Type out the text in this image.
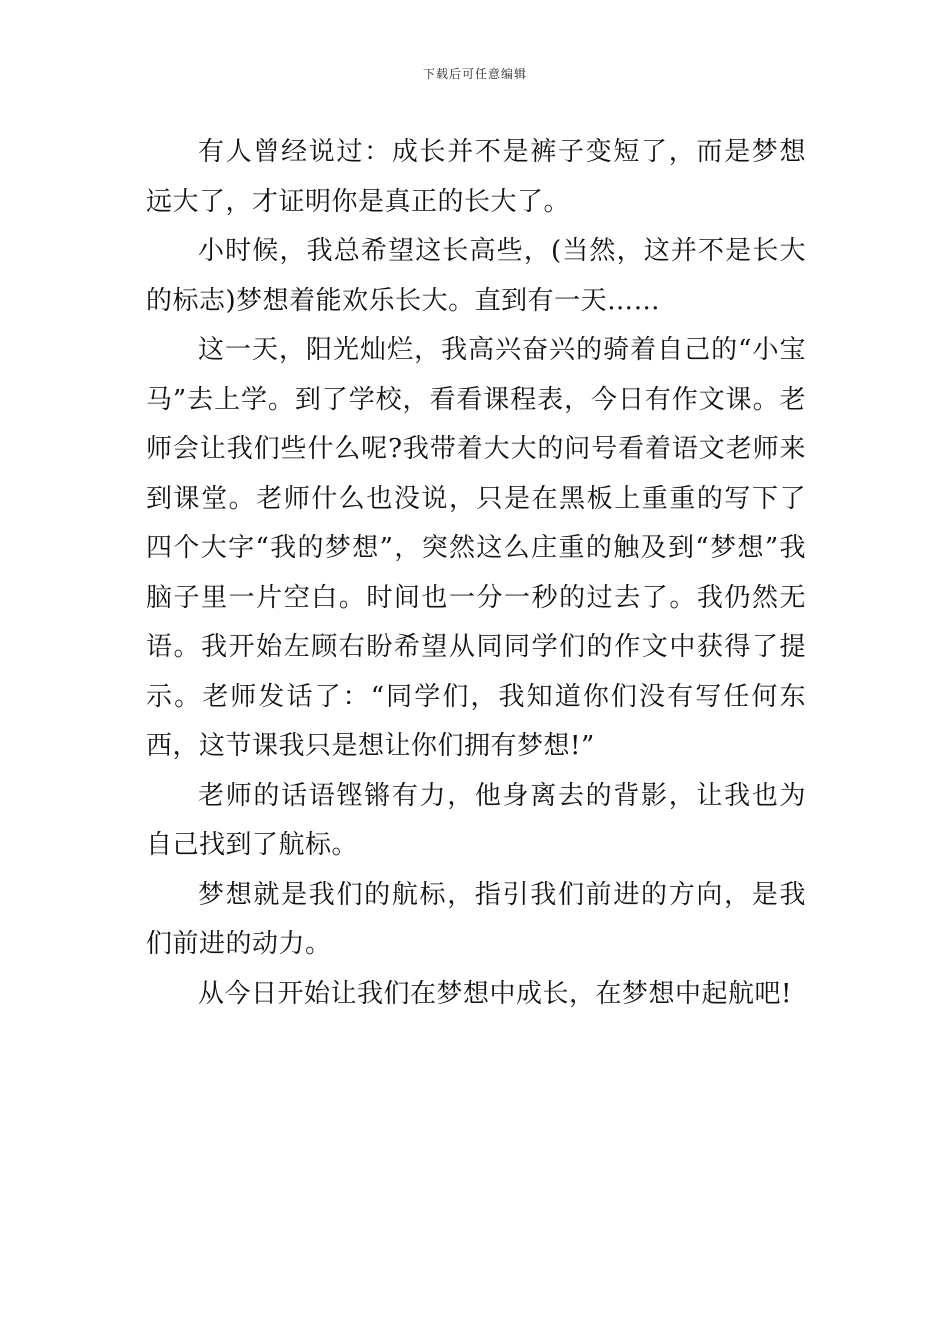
下载后可任意编辑

有人曾经说过：成长并不是裤子变短了，而是梦想远大了，才证明你是真正的长大了。

小时候，我总希望这长高些，(当然，这并不是长大的标志)梦想着能欢乐长大。直到有一天……

这一天，阳光灿烂，我高兴奋兴的骑着自己的“小宝马”去上学。到了学校，看看课程表，今日有作文课。老师会让我们些什么呢?我带着大大的问号看着语文老师来到课堂。老师什么也没说，只是在黑板上重重的写下了四个大字“我的梦想”，突然这么庄重的触及到“梦想”我脑子里一片空白。时间也一分一秒的过去了。我仍然无语。我开始左顾右盼希望从同同学们的作文中获得了提示。老师发话了：“同学们，我知道你们没有写任何东西，这节课我只是想让你们拥有梦想!”

老师的话语铿锵有力，他身离去的背影，让我也为自己找到了航标。

梦想就是我们的航标，指引我们前进的方向，是我们前进的动力。

从今日开始让我们在梦想中成长，在梦想中起航吧!
